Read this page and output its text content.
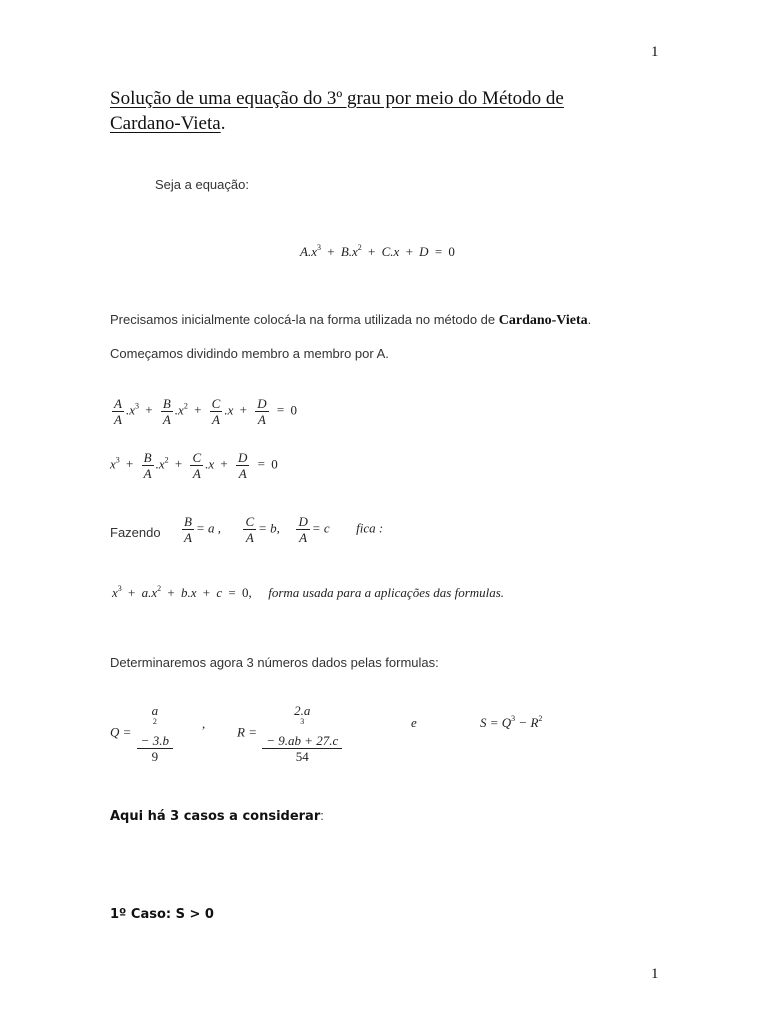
1
1
Solução de uma equação do 3º grau por meio do Método de
Cardano-Vieta.
Seja a equação:
$A.x^3 + B.x^2 + C.x + D = 0$
Precisamos inicialmente colocá-la na forma utilizada no método de Cardano-Vieta.
Começamos dividindo membro a membro por A.
$\frac{A}{A} .x^3 + \frac{B}{A} .x^2 + \frac{C}{A} .x + \frac{D}{A} = 0$
$x^3 + \frac{B}{A} .x^2 + \frac{C}{A} .x + \frac{D}{A} = 0$
Fazendo $\frac{B}{A} = a$ , $\frac{C}{A} = b$, $\frac{D}{A} = c$ fica :
$x^3 + a.x^2 + b.x + c = 0$, forma usada para a aplicações das formulas.
Determinaremos agora 3 números dados pelas formulas:
Q = a
$^2$
− 3.b
9 ,
R = 2.a
$^3$
− 9.ab + 27.c
54	e	$S = Q^3 - R^2$
Aqui há 3 casos a considerar:
1º Caso: S > 0
